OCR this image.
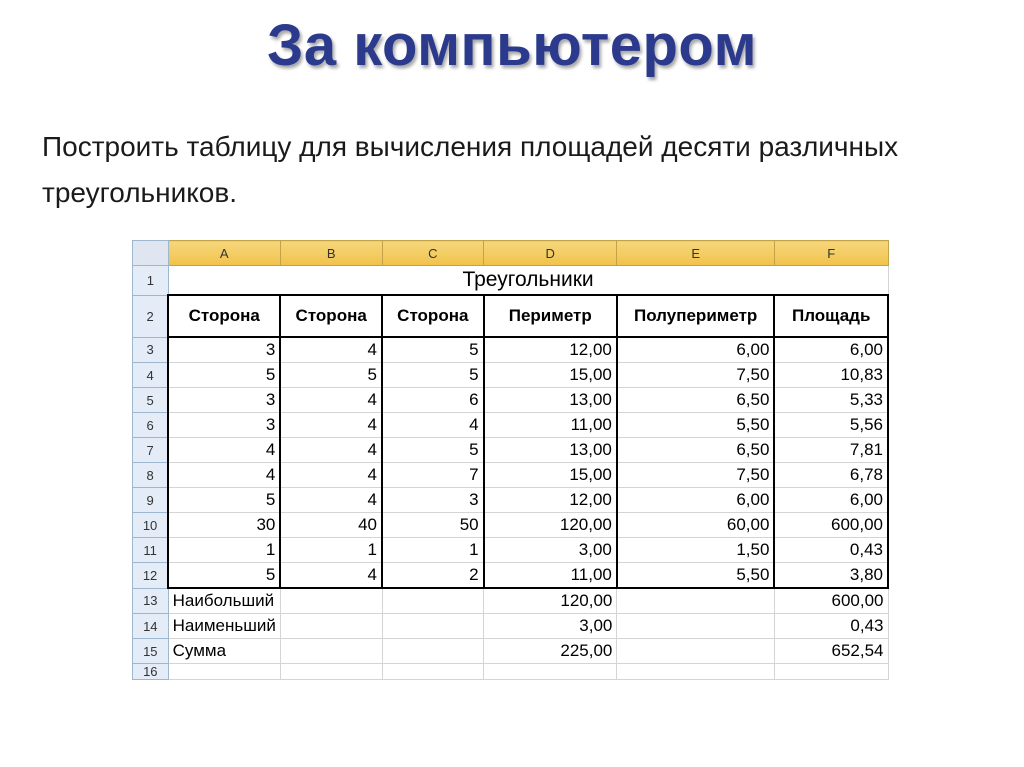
За компьютером
Построить таблицу для вычисления площадей десяти различных треугольников.
	A	B	C	D	E	F
1	Треугольники					
2	Сторона	Сторона	Сторона	Периметр	Полупериметр	Площадь
3	3	4	5	12,00	6,00	6,00
4	5	5	5	15,00	7,50	10,83
5	3	4	6	13,00	6,50	5,33
6	3	4	4	11,00	5,50	5,56
7	4	4	5	13,00	6,50	7,81
8	4	4	7	15,00	7,50	6,78
9	5	4	3	12,00	6,00	6,00
10	30	40	50	120,00	60,00	600,00
11	1	1	1	3,00	1,50	0,43
12	5	4	2	11,00	5,50	3,80
13	Наибольший			120,00		600,00
14	Наименьший			3,00		0,43
15	Сумма			225,00		652,54
16						
